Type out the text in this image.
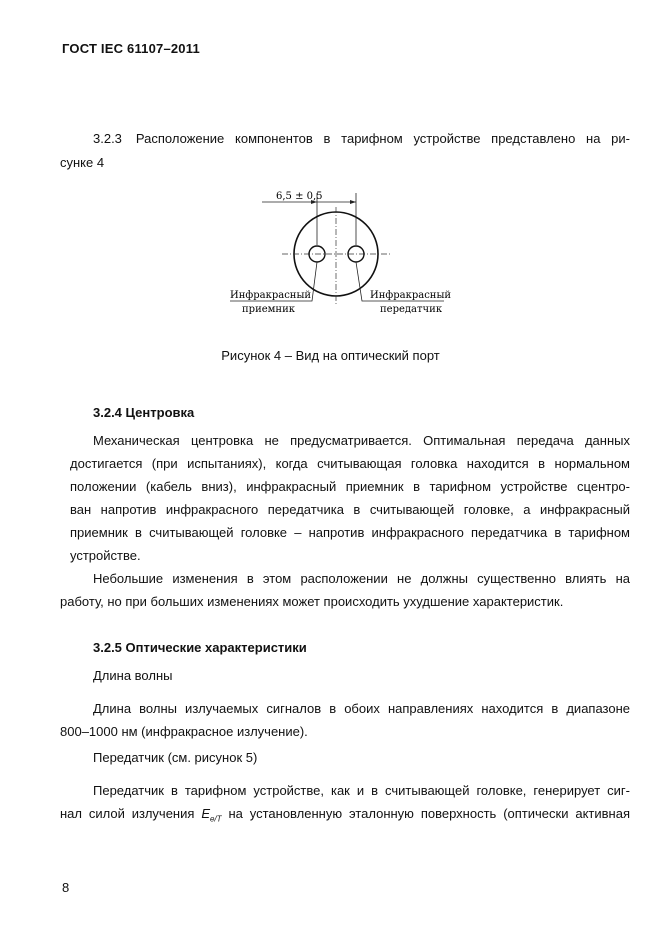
ГОСТ IEC 61107–2011
3.2.3 Расположение компонентов в тарифном устройстве представлено на ри-
сунке 4
6,5 ± 0,5
Инфракрасный
приемник
Инфракрасный
передатчик
Рисунок 4 – Вид на оптический порт
3.2.4 Центровка
Механическая центровка не предусматривается. Оптимальная передача данных
достигается (при испытаниях), когда считывающая головка находится в нормальном
положении (кабель вниз), инфракрасный приемник в тарифном устройстве сцентро-
ван напротив инфракрасного передатчика в считывающей головке, а инфракрасный
приемник в считывающей головке – напротив инфракрасного передатчика в тарифном
устройстве.
Небольшие изменения в этом расположении не должны существенно влиять на
работу, но при больших изменениях может происходить ухудшение характеристик.
3.2.5 Оптические характеристики
Длина волны
Длина волны излучаемых сигналов в обоих направлениях находится в диапазоне
800–1000 нм (инфракрасное излучение).
Передатчик (см. рисунок 5)
Передатчик в тарифном устройстве, как и в считывающей головке, генерирует сиг-
нал силой излучения $E_{e/T}$ на установленную эталонную поверхность (оптически активная
8
